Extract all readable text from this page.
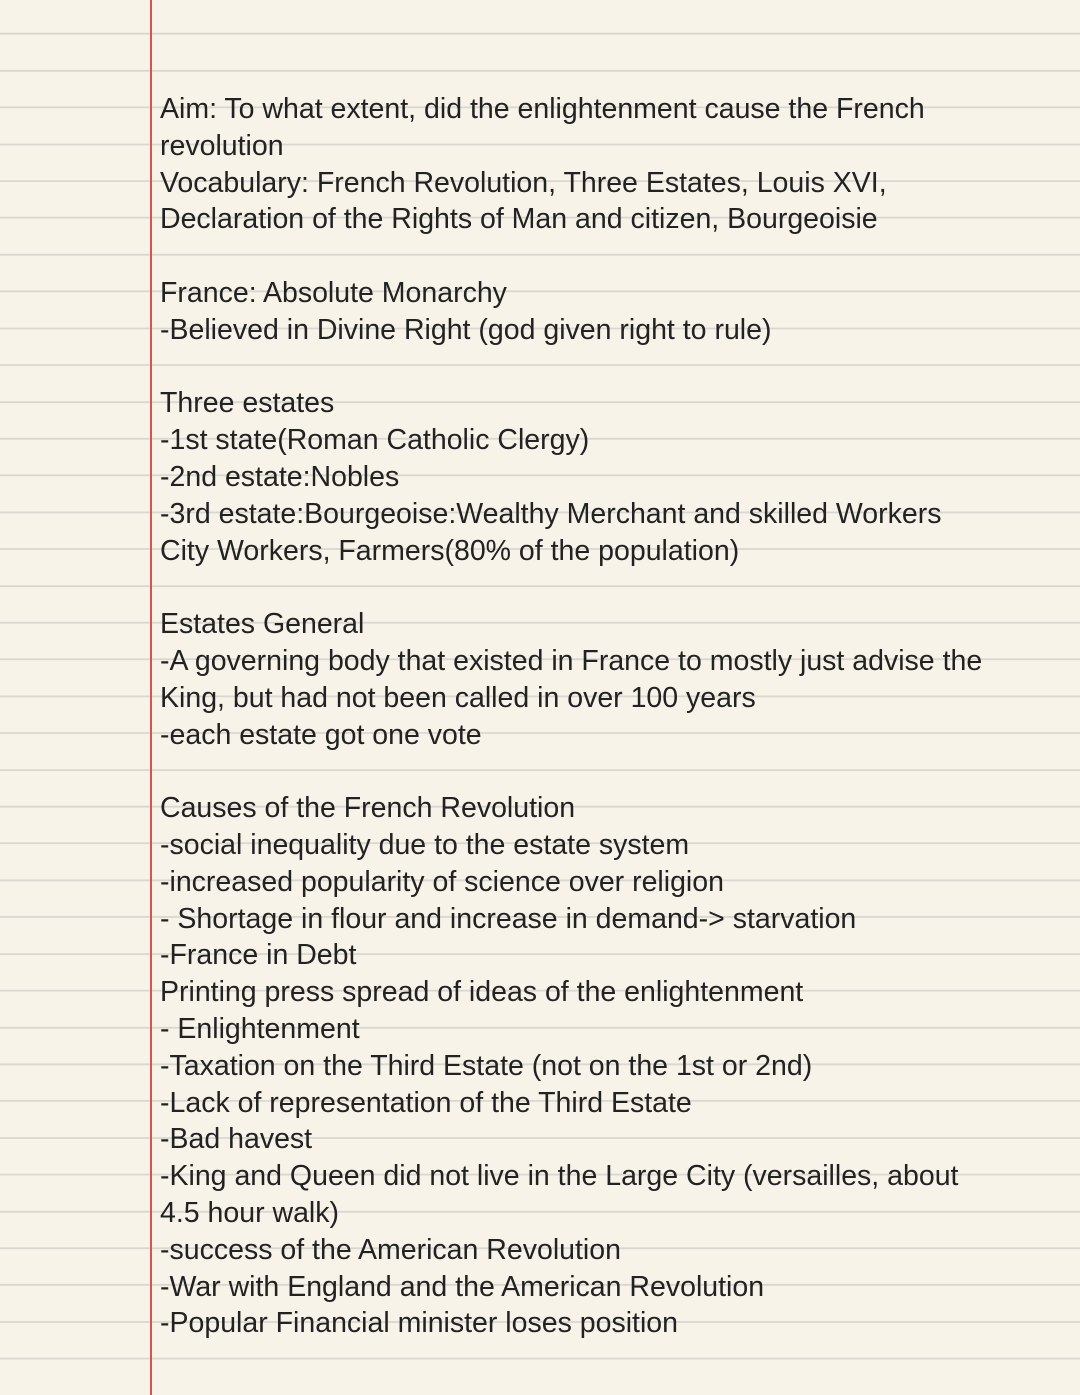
Aim: To what extent, did the enlightenment cause the French
revolution
Vocabulary: French Revolution, Three Estates, Louis XVI,
Declaration of the Rights of Man and citizen, Bourgeoisie
France: Absolute Monarchy
-Believed in Divine Right (god given right to rule)
Three estates
-1st state(Roman Catholic Clergy)
-2nd estate:Nobles
-3rd estate:Bourgeoise:Wealthy Merchant and skilled Workers
City Workers, Farmers(80% of the population)
Estates General
-A governing body that existed in France to mostly just advise the
King, but had not been called in over 100 years
-each estate got one vote
Causes of the French Revolution
-social inequality due to the estate system
-increased popularity of science over religion
- Shortage in flour and increase in demand-> starvation
-France in Debt
Printing press spread of ideas of the enlightenment
- Enlightenment
-Taxation on the Third Estate (not on the 1st or 2nd)
-Lack of representation of the Third Estate
-Bad havest
-King and Queen did not live in the Large City (versailles, about
4.5 hour walk)
-success of the American Revolution
-War with England and the American Revolution
-Popular Financial minister loses position
